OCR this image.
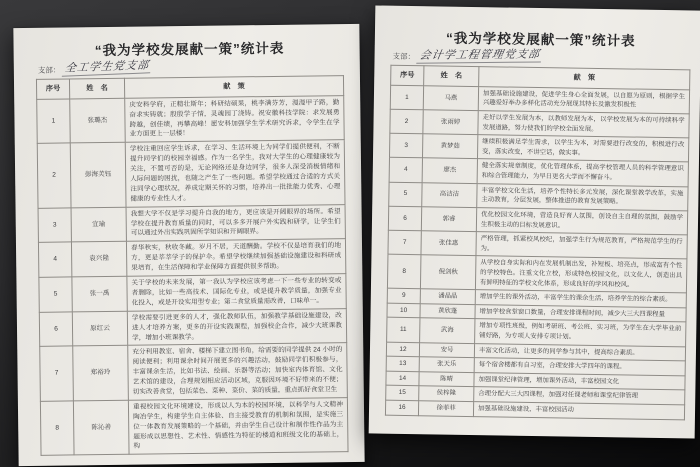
“我为学校发展献一策”统计表
支部： 全工学生党支部
序号	姓　名	献　策
1	张璐杰	庆安科学府，正精壮斯年；科研结硕果，桃李满芬芳，漫漫甲子路，勤奋求实铸就；殷殷学子情，灵魂园丁浇铸。祝安徽科技学院：求发展勇跨越，创佳绩，再攀高峰！愿安科加强学生学术研究诉求，令学生在学业方面更上一层楼！
2	彭海芙钰	学校注重回应学生诉求，在学习、生活环境上为同学们提供便利，不断提升同学们的校园幸福感。作为一名学生，我对大学生的心理健康较为关注，不置可否的是，无论网络还是身边同学，很多人深受消极情绪和人际问题的困扰，也随之产生了一些问题。希望学校通过合适的方式关注同学心理状况，养成定期关怀的习惯，培养出一批批能力优秀、心理健康的专业性人才。
3	宜瑜	我想大学不仅是学习提升自我的地方，更应该是开阔眼界的场所。希望学校在提升教育质量的同时，可以多多开展户外实践和研学，让学生们可以通过外出实践巩固所学知识和开阔眼界。
4	袁兴隆	春华秋实，秋收冬藏。岁月不居，天道酬勤。学校不仅是培育我们的地方，更是莘莘学子的保护伞。希望学校继续加强基础设施建设和科研成果培育，在生活保障和学业保障方面提供很多帮助。
5	张一禹	关于学校的未来发展，第一我认为学校应该考虑一下一些专业的转变或者删除，比如一些高技术、国际化专业，或是提升教学质量，加强专业化投入，或是开设实用型专业；第二食堂质量需改善，口味单一。
6	原红云	学校需要引进更多的人才，强化教师队伍，加强教学基础设施建设，改进人才培养方案，更多的开设实践课程，加强校企合作，减少大班课教学，增加小班课教学。
7	郑裕玲	充分利用教室、宿舍、楼梯下建立图书角，给需要的同学提供 24 小时的阅读便利；利用课余时间开展更多的兴趣活动，鼓励同学们积极参与，丰富课余生活，比如书法、绘画、乐器等活动；加快室内体育馆、文化艺术馆的建设，合理规划相应活动区域，克服因环境不好带来的不便；切实改善食堂，包括菜色、菜种、菜价、菜的质量，重点抓好食堂卫生
8	陈沁善	重视校园文化环境建设，形成以人为本的校园环境，以科学与人文精神陶冶学生，构建学生自主体验、自主接受教育的机制和氛围，是实施三位一体教育发展策略的一个基础，并由学生自己设计和制作性作品为主题形成以思想性、艺术性、情感性为特征的楼道和班级文化的基础上，构
“我为学校发展献一策”统计表
支部： 会计学工程管理党支部
序号	姓　名	献　策
1	马燕	加强基础设施建设，促进学生身心全面发展，以自愿为原则，根据学生兴趣爱好举办多样化活动充分展现其特长及激发积极性
2	张雨婷	走好以学生发展为本，以教师发展为本，以学校发展为本的可持续科学发展道路，努力使我们的学校全面发展。
3	黄梦茹	继续积极满足学生需求，以学生为本，对需要进行改变的，积极进行改变，落实改变，不讲空话，做实事。
4	廖杰	健全落实规章制度，优化管理体系，提高学校管理人员的科学管理意识和综合管理能力，为早日更名大学而不懈奋斗。
5	高洁洁	丰富学校文化生活，培养个性特长多元发展，深化课堂教学改革，实施主动教育，分层发展，整体推进的教育发展策略。
6	郭睿	优化校园文化环境，营造良好育人氛围，创设自主自理的氛围，鼓励学生积极主动的目标发展意识。
7	张佳惠	严格管理，抓紧校风校纪，加强学生行为规范教育，严格规范学生的行为。
8	倪剑秋	从学校自身实际和内在发展机制出发，补短板、培亮点，形成富有个性的学校特色。注重文化立校，形成特色校园文化，以文化人，创造出具有鲜明特征的学校文化体系，形成良好的学风和校风。
9	潘晶晶	增加学生的课外活动，丰富学生的课余生活，培养学生的综合素质。
10	黄欣蓬	增加学校食堂窗口数量，合理安排课程时间，减少大三大四课程量
11	武海	增加专项性班级，例如考研班、考公班、实习班，为学生在大学毕业前铺好路，为专项人安排专项计划。
12	安号	丰富文化活动，让更多的同学参与其中，提高综合素质。
13	张天乐	每个宿舍楼都有自习室，合理安排大学四年的课程。
14	陈晴	加强课堂纪律管理，增加课外活动，丰富校园文化
15	侯梓隆	合理分配大三大四课程，加强对任课老师和课堂纪律管理
16	徐菲菲	加强基础设施建设，丰富校园活动
